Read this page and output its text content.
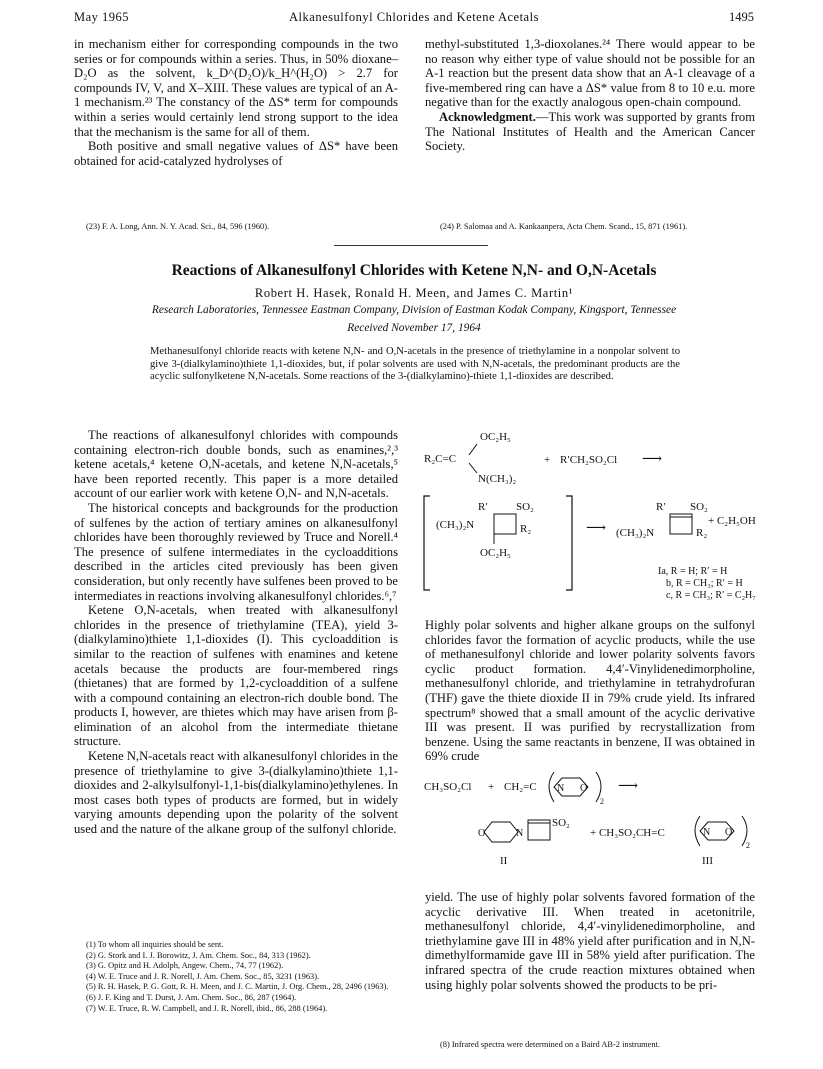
May 1965	Alkanesulfonyl Chlorides and Ketene Acetals	1495

in mechanism either for corresponding compounds in the two series or for compounds within a series. Thus, in 50% dioxane–D₂O as the solvent, k_D^(D₂O)/k_H^(H₂O) > 2.7 for compounds IV, V, and X–XIII. These values are typical of an A-1 mechanism.²³ The constancy of the ΔS* term for compounds within a series would certainly lend strong support to the idea that the mechanism is the same for all of them.

Both positive and small negative values of ΔS* have been obtained for acid-catalyzed hydrolyses of

(23) F. A. Long, Ann. N. Y. Acad. Sci., 84, 596 (1960).

methyl-substituted 1,3-dioxolanes.²⁴ There would appear to be no reason why either type of value should not be possible for an A-1 reaction but the present data show that an A-1 cleavage of a five-membered ring can have a ΔS* value from 8 to 10 e.u. more negative than for the exactly analogous open-chain compound.

Acknowledgment.—This work was supported by grants from The National Institutes of Health and the American Cancer Society.

(24) P. Salomaa and A. Kankaanpera, Acta Chem. Scand., 15, 871 (1961).
Reactions of Alkanesulfonyl Chlorides with Ketene N,N- and O,N-Acetals
Robert H. Hasek, Ronald H. Meen, and James C. Martin¹
Research Laboratories, Tennessee Eastman Company, Division of Eastman Kodak Company, Kingsport, Tennessee
Received November 17, 1964
Methanesulfonyl chloride reacts with ketene N,N- and O,N-acetals in the presence of triethylamine in a nonpolar solvent to give 3-(dialkylamino)thiete 1,1-dioxides, but, if polar solvents are used with N,N-acetals, the predominant products are the acyclic sulfonylketene N,N-acetals. Some reactions of the 3-(dialkylamino)-thiete 1,1-dioxides are described.

The reactions of alkanesulfonyl chlorides with compounds containing electron-rich double bonds, such as enamines,²,³ ketene acetals,⁴ ketene O,N-acetals, and ketene N,N-acetals,⁵ have been reported recently. This paper is a more detailed account of our earlier work with ketene O,N- and N,N-acetals.

The historical concepts and backgrounds for the production of sulfenes by the action of tertiary amines on alkanesulfonyl chlorides have been thoroughly reviewed by Truce and Norell.⁴ The presence of sulfene intermediates in the cycloadditions described in the articles cited previously has been given consideration, but only recently have sulfenes been proved to be intermediates in reactions involving alkanesulfonyl chlorides.⁶,⁷

Ketene O,N-acetals, when treated with alkanesulfonyl chlorides in the presence of triethylamine (TEA), yield 3-(dialkylamino)thiete 1,1-dioxides (I). This cycloaddition is similar to the reaction of sulfenes with enamines and ketene acetals because the products are four-membered rings (thietanes) that are formed by 1,2-cycloaddition of a sulfene with a compound containing an electron-rich double bond. The products I, however, are thietes which may have arisen from β-elimination of an alcohol from the intermediate thietane structure.

Ketene N,N-acetals react with alkanesulfonyl chlorides in the presence of triethylamine to give 3-(dialkylamino)thiete 1,1-dioxides and 2-alkylsulfonyl-1,1-bis(dialkylamino)ethylenes. In most cases both types of products are formed, but in widely varying amounts depending upon the polarity of the solvent used and the nature of the alkane group of the sulfonyl chloride.

(1) To whom all inquiries should be sent.
(2) G. Stork and I. J. Borowitz, J. Am. Chem. Soc., 84, 313 (1962).
(3) G. Opitz and H. Adolph, Angew. Chem., 74, 77 (1962).
(4) W. E. Truce and J. R. Norell, J. Am. Chem. Soc., 85, 3231 (1963).
(5) R. H. Hasek, P. G. Gott, R. H. Meen, and J. C. Martin, J. Org. Chem., 28, 2496 (1963).
(6) J. F. King and T. Durst, J. Am. Chem. Soc., 86, 287 (1964).
(7) W. E. Truce, R. W. Campbell, and J. R. Norell, ibid., 86, 288 (1964).
OC₂H₅
R₂C=C
N(CH₃)₂
+ R′CH₂SO₂Cl ⟶
R′	SO₂
(CH₃)₂N	R₂
OC₂H₅
⟶
R′ SO₂
(CH₃)₂N	R₂
+ C₂H₅OH
Ia, R = H; R′ = H
b, R = CH₃; R′ = H
c, R = CH₃; R′ = C₂H₇

Highly polar solvents and higher alkane groups on the sulfonyl chlorides favor the formation of acyclic products, while the use of methanesulfonyl chloride and lower polarity solvents favors cyclic product formation. 4,4′-Vinylidenedimorpholine, methanesulfonyl chloride, and triethylamine in tetrahydrofuran (THF) gave the thiete dioxide II in 79% crude yield. Its infrared spectrum⁸ showed that a small amount of the acyclic derivative III was present. II was purified by recrystallization from benzene. Using the same reactants in benzene, II was obtained in 69% crude

CH₃SO₂Cl + CH₂=C N O
2
⟶
SO₂
O	N
II
+ CH₃SO₂CH=C	N O
2
III

yield. The use of highly polar solvents favored formation of the acyclic derivative III. When treated in acetonitrile, methanesulfonyl chloride, 4,4′-vinylidenedimorpholine, and triethylamine gave III in 48% yield after purification and in N,N-dimethylformamide gave III in 58% yield after purification. The infrared spectra of the crude reaction mixtures obtained when using highly polar solvents showed the products to be pri-

(8) Infrared spectra were determined on a Baird AB-2 instrument.
